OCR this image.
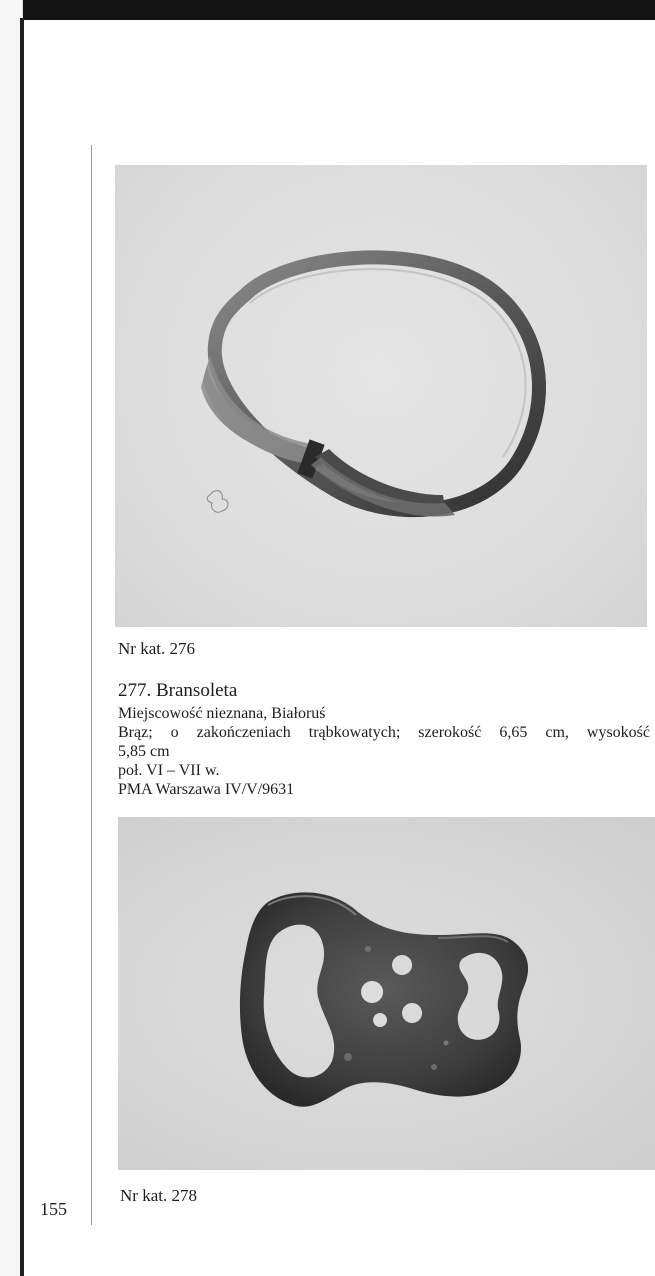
Nr kat. 276
277. Bransoleta
Miejscowość nieznana, Białoruś
Brąz; o zakończeniach trąbkowatych; szerokość 6,65 cm, wysokość
5,85 cm
poł. VI – VII w.
PMA Warszawa IV/V/9631
Nr kat. 278
155
